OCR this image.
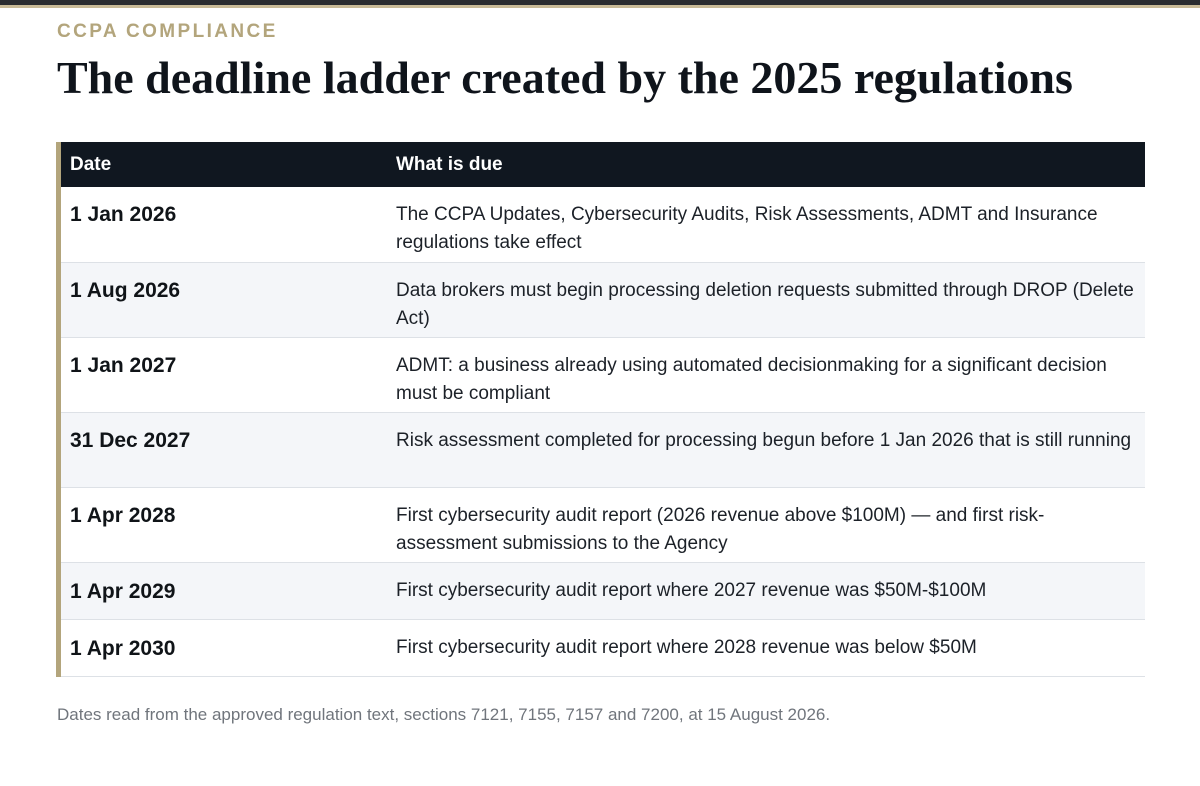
CCPA COMPLIANCE
The deadline ladder created by the 2025 regulations
Date	What is due
1 Jan 2026	The CCPA Updates, Cybersecurity Audits, Risk Assessments, ADMT and Insurance regulations take effect
1 Aug 2026	Data brokers must begin processing deletion requests submitted through DROP (Delete Act)
1 Jan 2027	ADMT: a business already using automated decisionmaking for a significant decision must be compliant
31 Dec 2027	Risk assessment completed for processing begun before 1 Jan 2026 that is still running
1 Apr 2028	First cybersecurity audit report (2026 revenue above $100M) — and first risk-assessment submissions to the Agency
1 Apr 2029	First cybersecurity audit report where 2027 revenue was $50M-$100M
1 Apr 2030	First cybersecurity audit report where 2028 revenue was below $50M
Dates read from the approved regulation text, sections 7121, 7155, 7157 and 7200, at 15 August 2026.
